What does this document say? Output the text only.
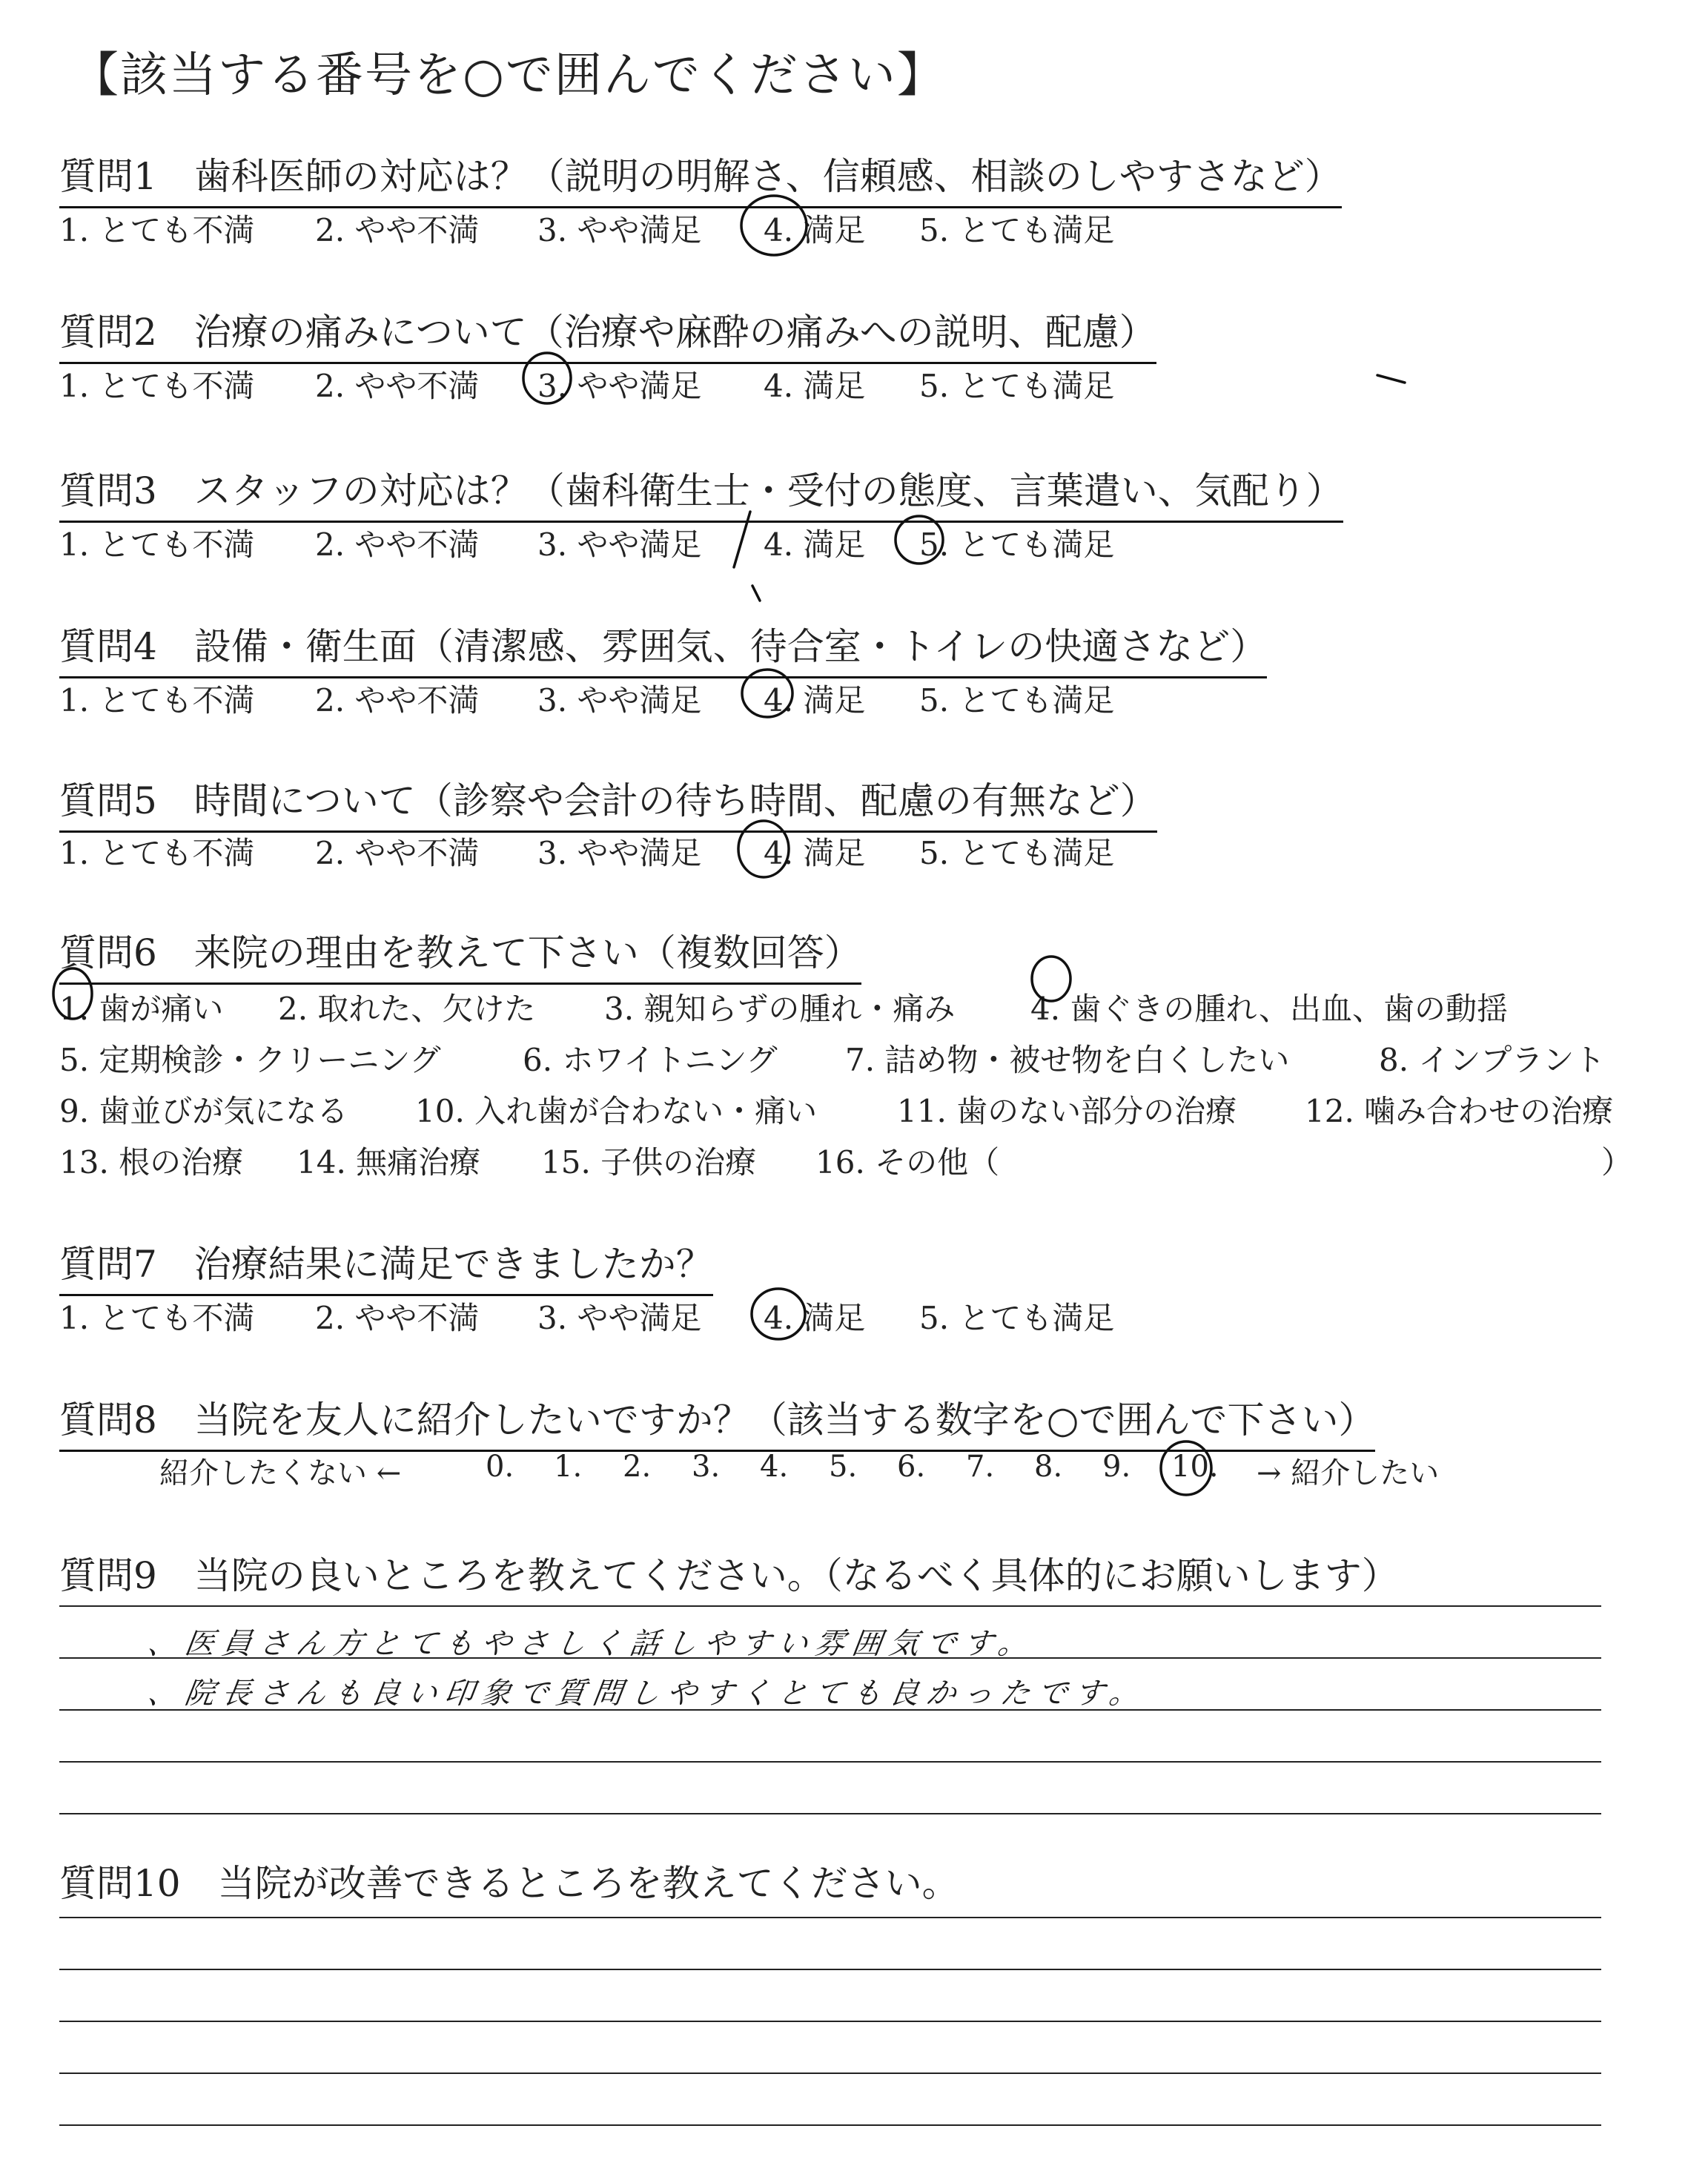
【該当する番号を○で囲んでください】
質問1　歯科医師の対応は？（説明の明解さ、信頼感、相談のしやすさなど）
1. とても不満 2. やや不満 3. やや満足 4. 満足 5. とても満足
質問2　治療の痛みについて（治療や麻酔の痛みへの説明、配慮）
1. とても不満 2. やや不満 3. やや満足 4. 満足 5. とても満足
質問3　スタッフの対応は？（歯科衛生士・受付の態度、言葉遣い、気配り）
1. とても不満 2. やや不満 3. やや満足 4. 満足 5. とても満足
質問4　設備・衛生面（清潔感、雰囲気、待合室・トイレの快適さなど）
1. とても不満 2. やや不満 3. やや満足 4. 満足 5. とても満足
質問5　時間について（診察や会計の待ち時間、配慮の有無など）
1. とても不満 2. やや不満 3. やや満足 4. 満足 5. とても満足
質問6　来院の理由を教えて下さい（複数回答）
1. 歯が痛い 2. 取れた、欠けた 3. 親知らずの腫れ・痛み 4. 歯ぐきの腫れ、出血、歯の動揺
5. 定期検診・クリーニング	6. ホワイトニング 7. 詰め物・被せ物を白くしたい	8. インプラント
9. 歯並びが気になる 10. 入れ歯が合わない・痛い	11. 歯のない部分の治療 12. 噛み合わせの治療
13. 根の治療 14. 無痛治療 15. 子供の治療 16. その他（	）
質問7　治療結果に満足できましたか？
1. とても不満 2. やや不満 3. やや満足 4. 満足 5. とても満足
質問8　当院を友人に紹介したいですか？（該当する数字を○で囲んで下さい）
紹介したくない ←	0. 1. 2. 3. 4. 5. 6. 7. 8. 9. 10. → 紹介したい
質問9　当院の良いところを教えてください。（なるべく具体的にお願いします）
、医員さん方とてもやさしく話しやすい雰囲気です。
、院長さんも良い印象で質問しやすくとても良かったです。
質問10　当院が改善できるところを教えてください。
